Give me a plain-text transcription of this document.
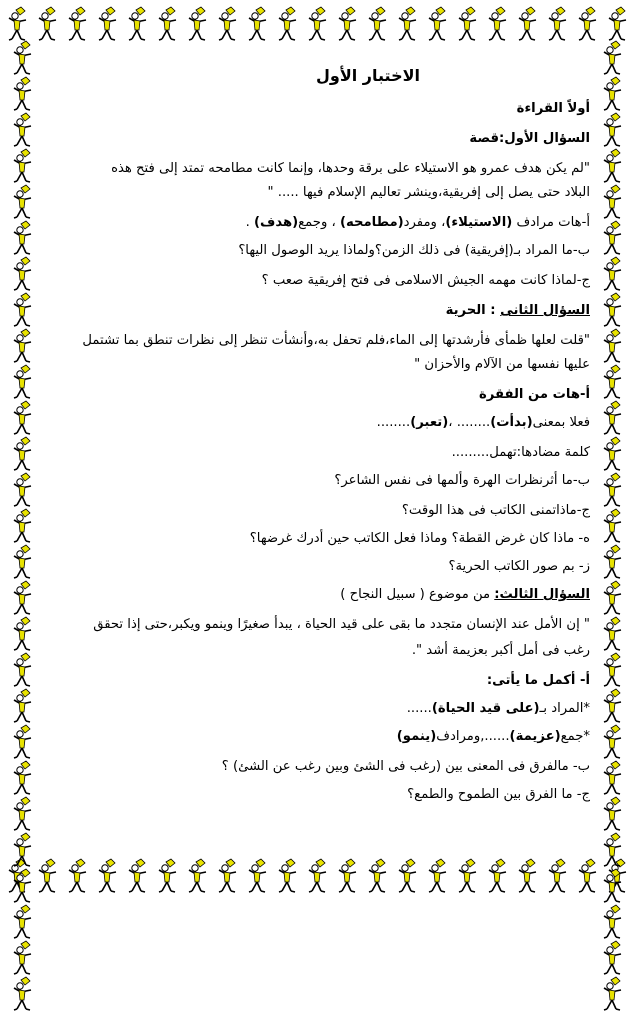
الاختبار الأول
أولاً القراءة
السؤال الأول:قصة
"لم يكن هدف عمرو هو الاستيلاء على برقة وحدها، وإنما كانت مطامحه تمتد إلى فتح هذه
البلاد حتى يصل إلى إفريقية،وينشر تعاليم الإسلام فيها ..... "
أ-هات مرادف (الاستيلاء)، ومفرد(مطامحه) ، وجمع(هدف) .
ب-ما المراد بـ(إفريقية) فى ذلك الزمن؟ولماذا يريد الوصول اليها؟
ج-لماذا كانت مهمه الجيش الاسلامى فى فتح إفريقية صعب ؟
السؤال الثانى : الحرية
"قلت لعلها ظمأى فأرشدتها إلى الماء،فلم تحفل به،وأنشأت تنظر إلى نظرات تنطق بما تشتمل
عليها نفسها من الآلام والأحزان "
أ-هات من الفقرة
فعلا بمعنى(بدأت)........ ،(تعبر)........
كلمة مضادها:تهمل.........
ب-ما أثرنظرات الهرة وألمها فى نفس الشاعر؟
ج-ماذاتمنى الكاتب فى هذا الوقت؟
ه- ماذا كان غرض القطة؟ وماذا فعل الكاتب حين أدرك غرضها؟
ز- بم صور الكاتب الحرية؟
السؤال الثالث: من موضوع ( سبيل النجاح )
" إن الأمل عند الإنسان متجدد ما بقى على قيد الحياة ، يبدأ صغيرًا وينمو ويكبر،حتى إذا تحقق
رغب فى أمل أكبر بعزيمة أشد ".
أ- أكمل ما يأتى:
*المراد بـ(على قيد الحياة)......
*جمع(عزيمة)......,ومرادف(ينمو)
ب- مالفرق فى المعنى بين (رغب فى الشئ وبين رغب عن الشئ) ؟
ج- ما الفرق بين الطموح والطمع؟
